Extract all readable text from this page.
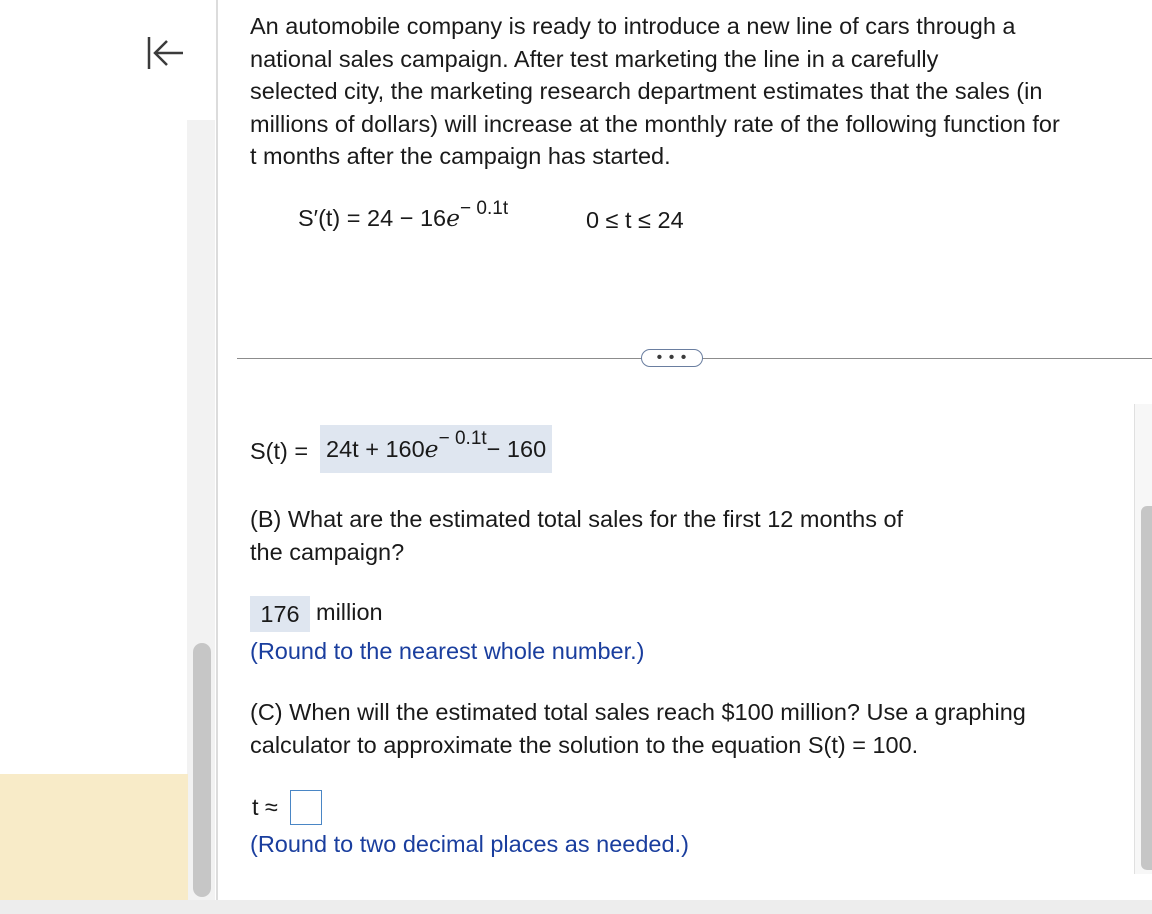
An automobile company is ready to introduce a new line of cars through a
national sales campaign. After test marketing the line in a carefully
selected city, the marketing research department estimates that the sales (in
millions of dollars) will increase at the monthly rate of the following function for
t months after the campaign has started.
$S'(t) = 24 - 16e^{- 0.1t}$	0 ≤ t ≤ 24
S(t) = 24t + 160 e − 0.1t − 160
(B) What are the estimated total sales for the first 12 months of
the campaign?
176 million
(Round to the nearest whole number.)
(C) When will the estimated total sales reach $100 million? Use a graphing
calculator to approximate the solution to the equation S(t) = 100.
t ≈
(Round to two decimal places as needed.)
• • •
